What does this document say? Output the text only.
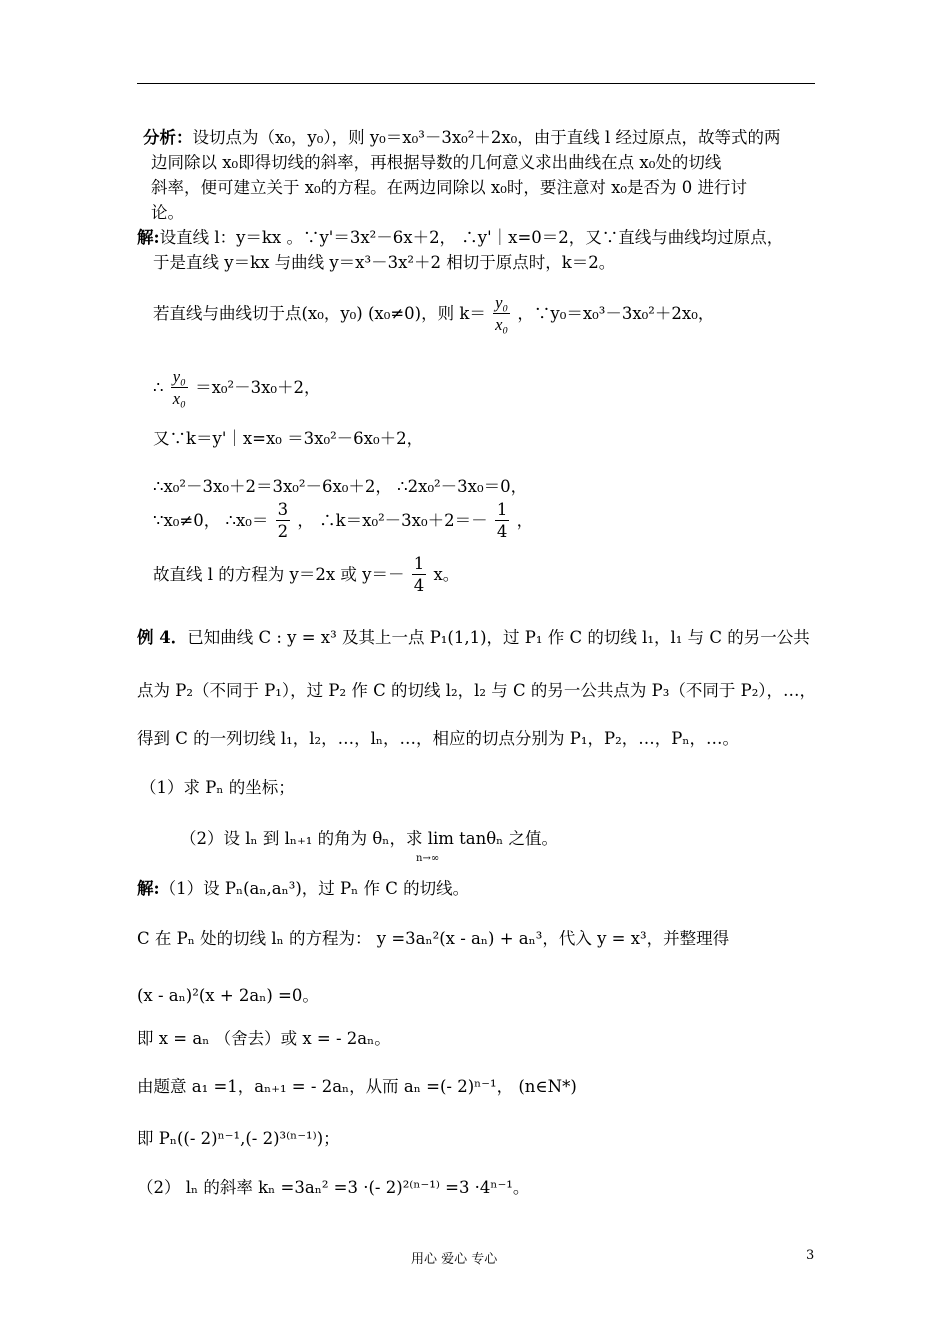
分析：设切点为（x₀，y₀），则 y₀＝x₀³－3x₀²＋2x₀，由于直线 l 经过原点，故等式的两
边同除以 x₀即得切线的斜率，再根据导数的几何意义求出曲线在点 x₀处的切线
斜率，便可建立关于 x₀的方程。在两边同除以 x₀时，要注意对 x₀是否为 0 进行讨
论。
解:设直线 l：y＝kx 。∵y'＝3x²－6x＋2， ∴y'｜x=0＝2，又∵直线与曲线均过原点，
于是直线 y＝kx 与曲线 y＝x³－3x²＋2 相切于原点时，k＝2。
若直线与曲线切于点(x₀，y₀) (x₀≠0)，则 $k= \frac{\text{y₀}}{\text{x₀}}$ ，∵y₀＝x₀³－3x₀²＋2x₀，
∴ $\frac{\text{y₀}}{\text{x₀}} =x_0^2-3x_0+2$，
又∵k＝y'｜x=x₀ ＝3x₀²－6x₀＋2，
∴x₀²－3x₀＋2＝3x₀²－6x₀＋2， ∴2x₀²－3x₀＝0，
∵x₀≠0， ∴x₀＝ $\frac{3}{2}$ ， ∴k＝x₀²－3x₀＋2＝－ $\frac{1}{4}$ ，
故直线 l 的方程为 y＝2x 或 $y=- \frac{1}{4}$ x。
例 4．已知曲线 C : y = x³ 及其上一点 P₁(1,1)，过 P₁ 作 C 的切线 l₁，l₁ 与 C 的另一公共
点为 P₂（不同于 P₁），过 P₂ 作 C 的切线 l₂，l₂ 与 C 的另一公共点为 P₃（不同于 P₂），…，
得到 C 的一列切线 l₁，l₂，…，lₙ，…，相应的切点分别为 P₁，P₂，…，Pₙ，…。
（1）求 Pₙ 的坐标；
（2）设 lₙ 到 lₙ₊₁ 的角为 θₙ，求 lim tanθₙ 之值。
n→∞
解:（1）设 Pₙ(aₙ,aₙ³)，过 Pₙ 作 C 的切线。
C 在 Pₙ 处的切线 lₙ 的方程为： y =3aₙ²(x - aₙ) + aₙ³，代入 y = x³，并整理得
(x - aₙ)²(x + 2aₙ) =0。
即 x = aₙ （舍去）或 x = - 2aₙ。
由题意 a₁ =1，aₙ₊₁ = - 2aₙ，从而 aₙ =(- 2)ⁿ⁻¹， (n∈N*)
即 Pₙ((- 2)ⁿ⁻¹,(- 2)³⁽ⁿ⁻¹⁾)；
（2） lₙ 的斜率 kₙ =3aₙ² =3 ·(- 2)²⁽ⁿ⁻¹⁾ =3 ·4ⁿ⁻¹。
用心 爱心 专心	3
